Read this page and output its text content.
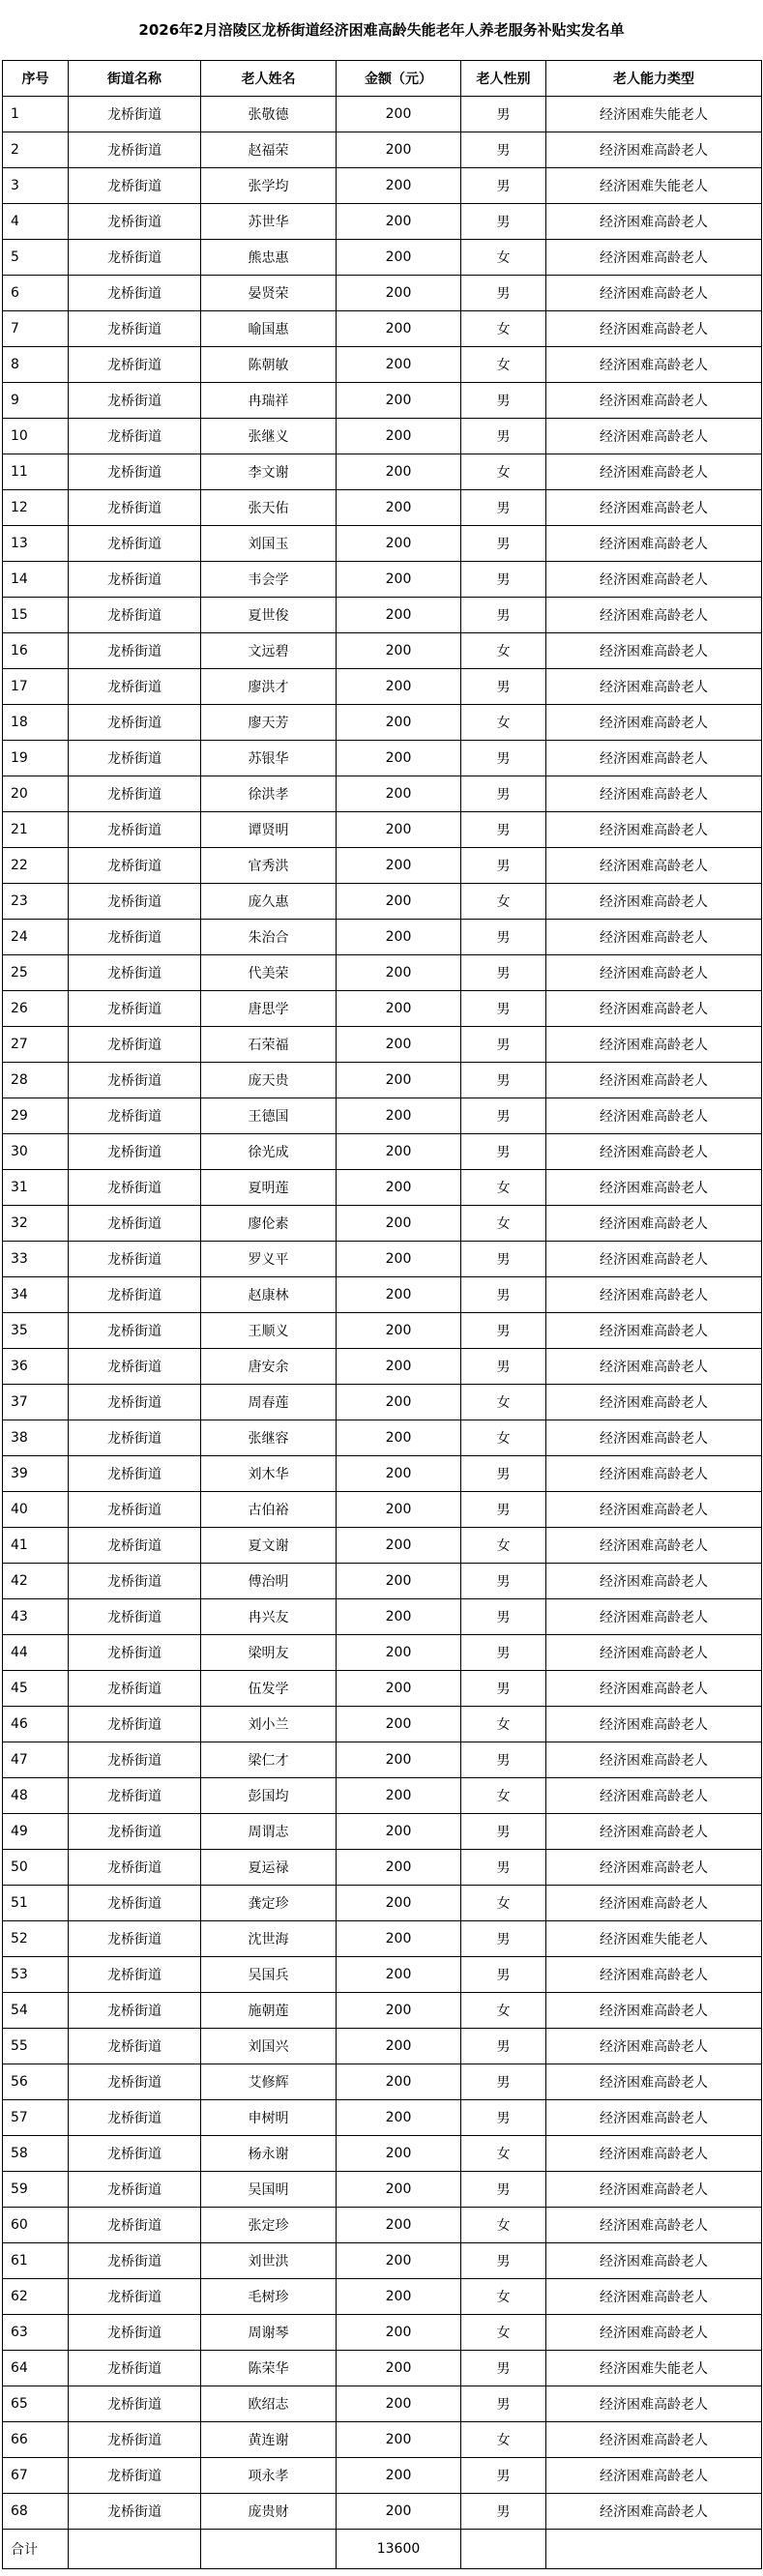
2026年2月涪陵区龙桥街道经济困难高龄失能老年人养老服务补贴实发名单
序号	街道名称	老人姓名	金额（元）	老人性别	老人能力类型
1	龙桥街道	张敬德	200	男	经济困难失能老人
2	龙桥街道	赵福荣	200	男	经济困难高龄老人
3	龙桥街道	张学均	200	男	经济困难失能老人
4	龙桥街道	苏世华	200	男	经济困难高龄老人
5	龙桥街道	熊忠惠	200	女	经济困难高龄老人
6	龙桥街道	晏贤荣	200	男	经济困难高龄老人
7	龙桥街道	喻国惠	200	女	经济困难高龄老人
8	龙桥街道	陈朝敏	200	女	经济困难高龄老人
9	龙桥街道	冉瑞祥	200	男	经济困难高龄老人
10	龙桥街道	张继义	200	男	经济困难高龄老人
11	龙桥街道	李文谢	200	女	经济困难高龄老人
12	龙桥街道	张天佑	200	男	经济困难高龄老人
13	龙桥街道	刘国玉	200	男	经济困难高龄老人
14	龙桥街道	韦会学	200	男	经济困难高龄老人
15	龙桥街道	夏世俊	200	男	经济困难高龄老人
16	龙桥街道	文远碧	200	女	经济困难高龄老人
17	龙桥街道	廖洪才	200	男	经济困难高龄老人
18	龙桥街道	廖天芳	200	女	经济困难高龄老人
19	龙桥街道	苏银华	200	男	经济困难高龄老人
20	龙桥街道	徐洪孝	200	男	经济困难高龄老人
21	龙桥街道	谭贤明	200	男	经济困难高龄老人
22	龙桥街道	官秀洪	200	男	经济困难高龄老人
23	龙桥街道	庞久惠	200	女	经济困难高龄老人
24	龙桥街道	朱治合	200	男	经济困难高龄老人
25	龙桥街道	代美荣	200	男	经济困难高龄老人
26	龙桥街道	唐思学	200	男	经济困难高龄老人
27	龙桥街道	石荣福	200	男	经济困难高龄老人
28	龙桥街道	庞天贵	200	男	经济困难高龄老人
29	龙桥街道	王德国	200	男	经济困难高龄老人
30	龙桥街道	徐光成	200	男	经济困难高龄老人
31	龙桥街道	夏明莲	200	女	经济困难高龄老人
32	龙桥街道	廖伦素	200	女	经济困难高龄老人
33	龙桥街道	罗义平	200	男	经济困难高龄老人
34	龙桥街道	赵康林	200	男	经济困难高龄老人
35	龙桥街道	王顺义	200	男	经济困难高龄老人
36	龙桥街道	唐安余	200	男	经济困难高龄老人
37	龙桥街道	周春莲	200	女	经济困难高龄老人
38	龙桥街道	张继容	200	女	经济困难高龄老人
39	龙桥街道	刘木华	200	男	经济困难高龄老人
40	龙桥街道	古伯裕	200	男	经济困难高龄老人
41	龙桥街道	夏文谢	200	女	经济困难高龄老人
42	龙桥街道	傅治明	200	男	经济困难高龄老人
43	龙桥街道	冉兴友	200	男	经济困难高龄老人
44	龙桥街道	梁明友	200	男	经济困难高龄老人
45	龙桥街道	伍发学	200	男	经济困难高龄老人
46	龙桥街道	刘小兰	200	女	经济困难高龄老人
47	龙桥街道	梁仁才	200	男	经济困难高龄老人
48	龙桥街道	彭国均	200	女	经济困难高龄老人
49	龙桥街道	周谓志	200	男	经济困难高龄老人
50	龙桥街道	夏运禄	200	男	经济困难高龄老人
51	龙桥街道	龚定珍	200	女	经济困难高龄老人
52	龙桥街道	沈世海	200	男	经济困难失能老人
53	龙桥街道	吴国兵	200	男	经济困难高龄老人
54	龙桥街道	施朝莲	200	女	经济困难高龄老人
55	龙桥街道	刘国兴	200	男	经济困难高龄老人
56	龙桥街道	艾修辉	200	男	经济困难高龄老人
57	龙桥街道	申树明	200	男	经济困难高龄老人
58	龙桥街道	杨永谢	200	女	经济困难高龄老人
59	龙桥街道	吴国明	200	男	经济困难高龄老人
60	龙桥街道	张定珍	200	女	经济困难高龄老人
61	龙桥街道	刘世洪	200	男	经济困难高龄老人
62	龙桥街道	毛树珍	200	女	经济困难高龄老人
63	龙桥街道	周谢琴	200	女	经济困难高龄老人
64	龙桥街道	陈荣华	200	男	经济困难失能老人
65	龙桥街道	欧绍志	200	男	经济困难高龄老人
66	龙桥街道	黄连谢	200	女	经济困难高龄老人
67	龙桥街道	项永孝	200	男	经济困难高龄老人
68	龙桥街道	庞贵财	200	男	经济困难高龄老人
合计			13600		
